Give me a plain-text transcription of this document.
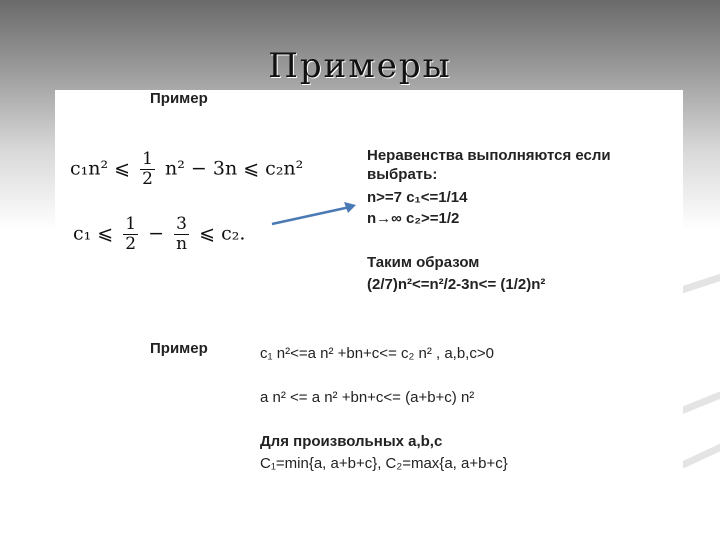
Примеры
Пример
c₁n² ⩽ $\frac{1}{2} n^2 - 3n$ ⩽ c₂n²
c₁ ⩽ $\frac{1}{2} - \frac{3}{n}$ ⩽ c₂.
Неравенства выполняются если
выбрать:
n>=7 c₁<=1/14
n→∞ c₂>=1/2
Таким образом
(2/7)n²<=n²/2-3n<= (1/2)n²
Пример	c₁ n²<=a n² +bn+c<= c₂ n² , a,b,c>0
a n² <= a n² +bn+c<= (a+b+c) n²
Для произвольных a,b,c
C₁=min{a, a+b+c}, C₂=max{a, a+b+c}
